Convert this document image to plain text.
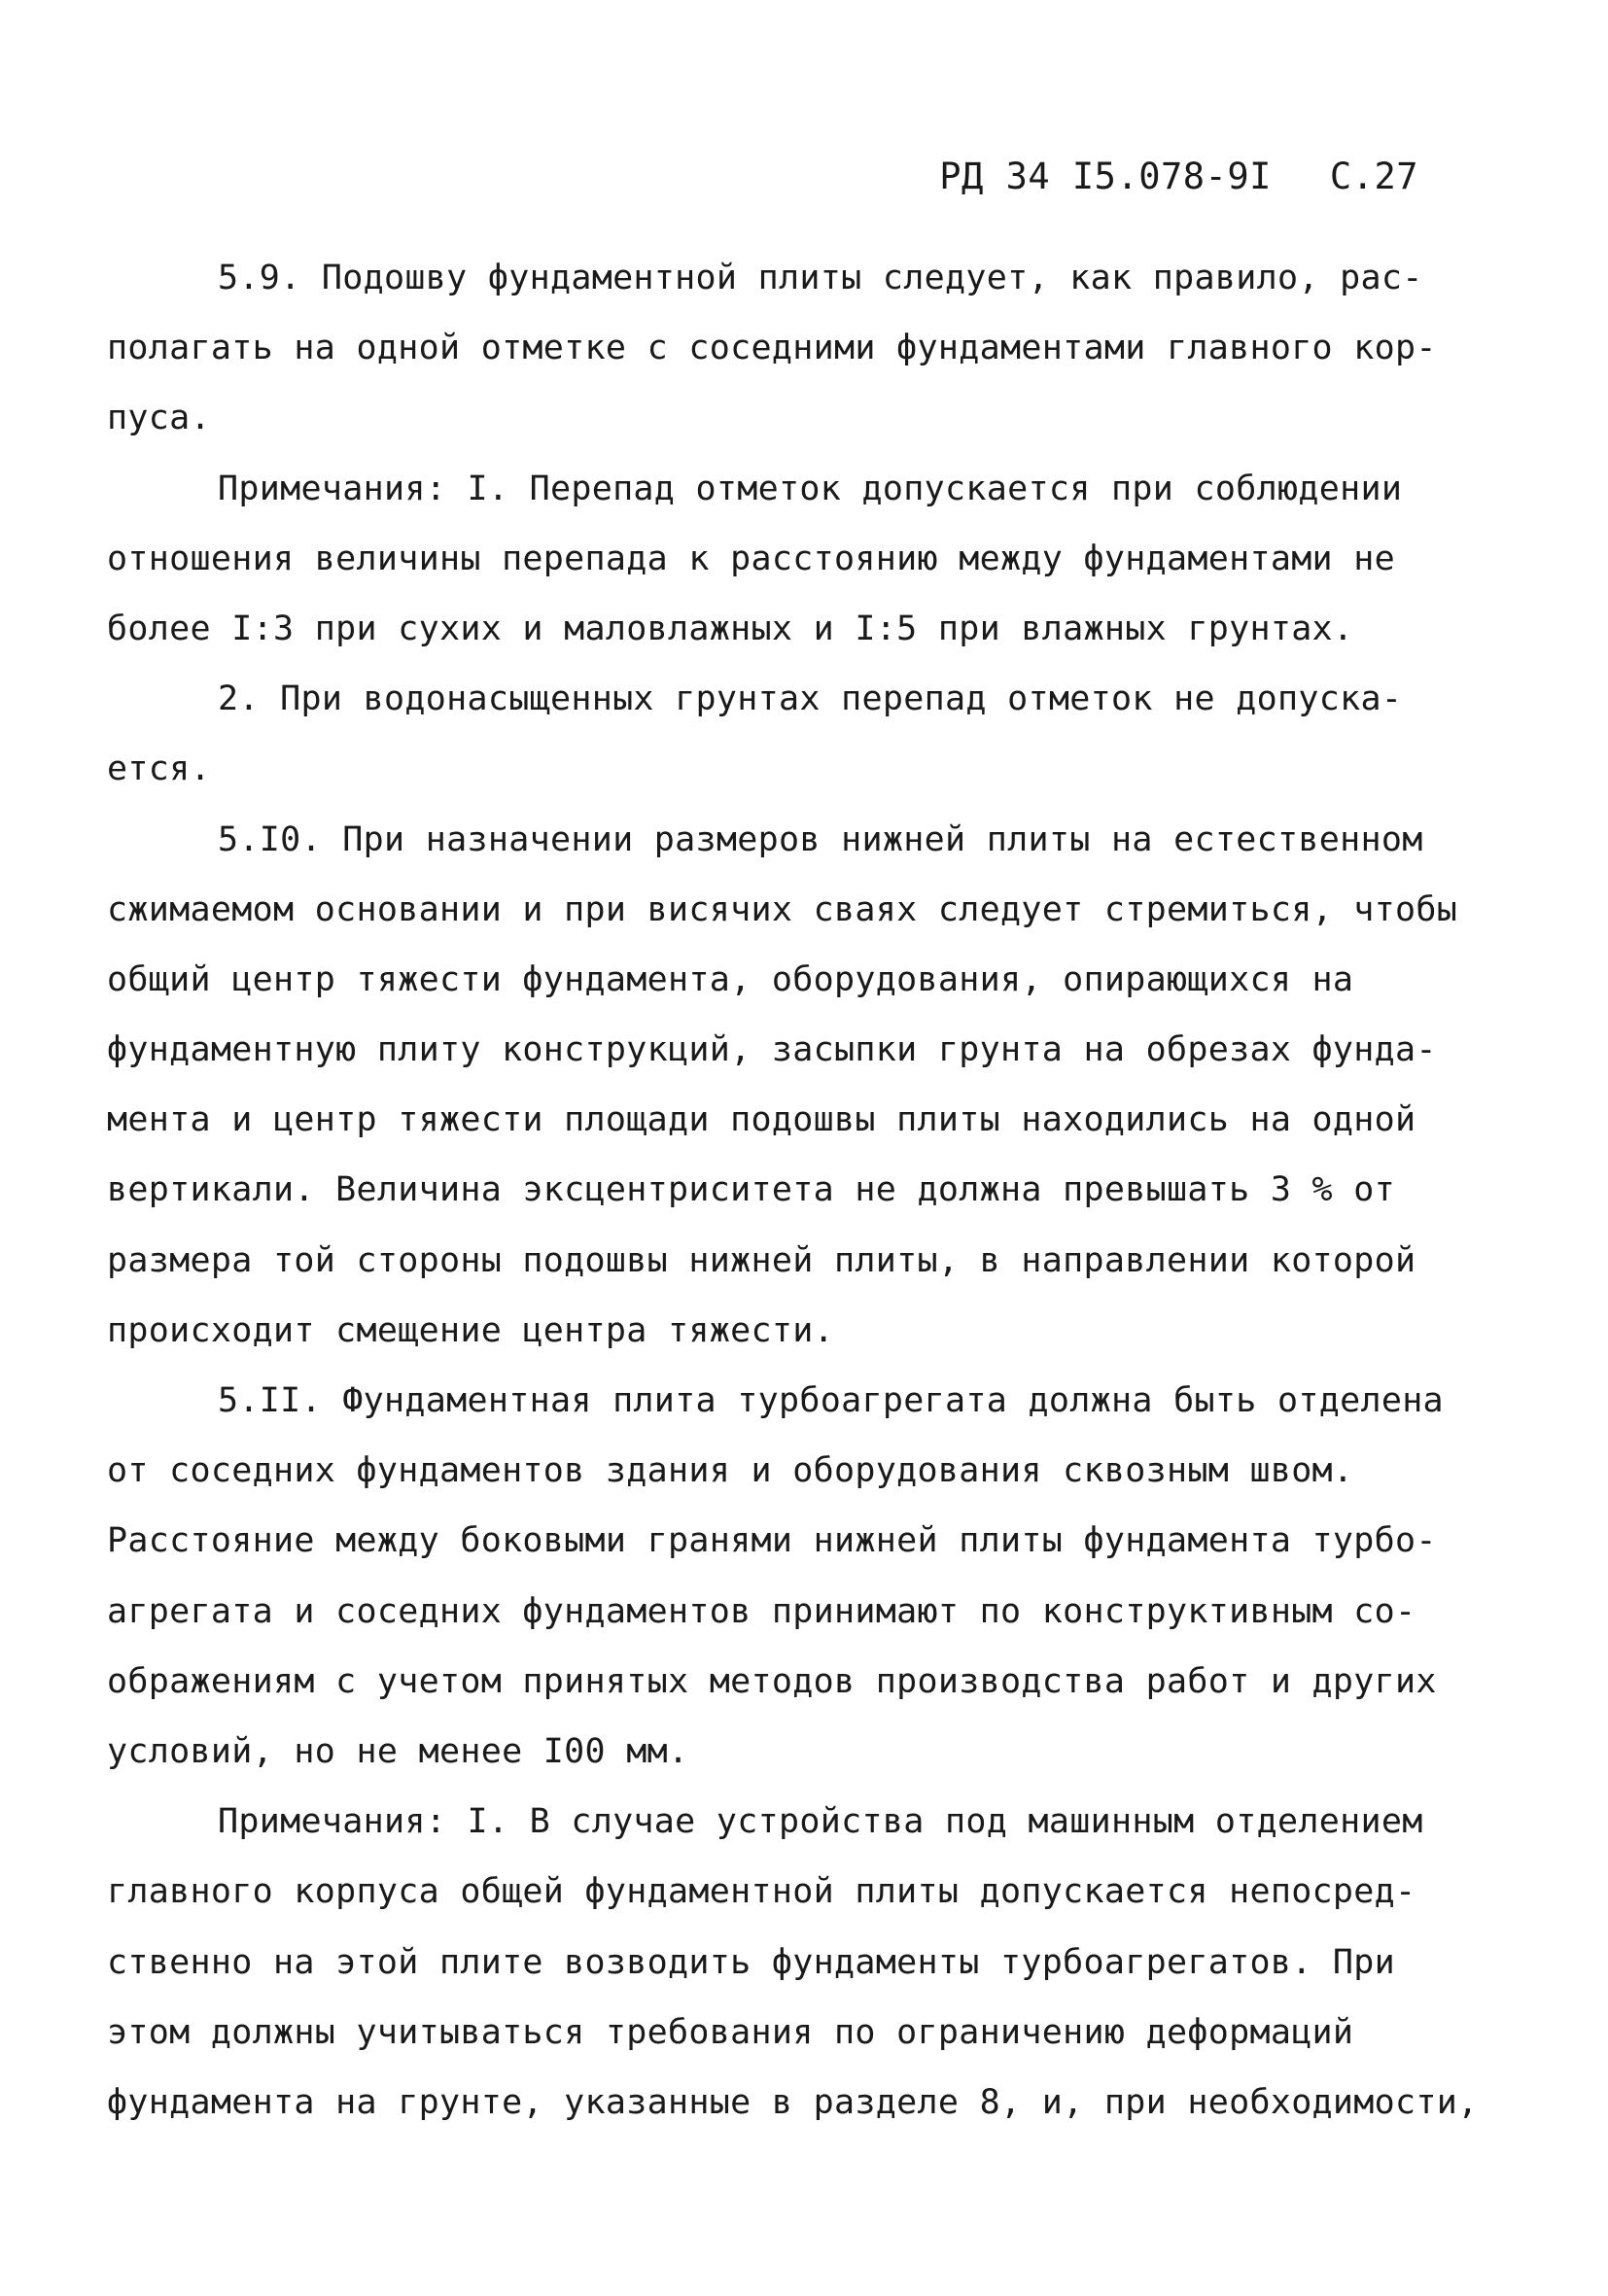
РД 34 I5.078-9I С.27
5.9. Подошву фундаментной плиты следует, как правило, рас-
полагать на одной отметке с соседними фундаментами главного кор-
пуса.
Примечания: I. Перепад отметок допускается при соблюдении
отношения величины перепада к расстоянию между фундаментами не
более I:3 при сухих и маловлажных и I:5 при влажных грунтах.
2. При водонасыщенных грунтах перепад отметок не допуска-
ется.
5.I0. При назначении размеров нижней плиты на естественном
сжимаемом основании и при висячих сваях следует стремиться, чтобы
общий центр тяжести фундамента, оборудования, опирающихся на
фундаментную плиту конструкций, засыпки грунта на обрезах фунда-
мента и центр тяжести площади подошвы плиты находились на одной
вертикали. Величина эксцентриситета не должна превышать 3 % от
размера той стороны подошвы нижней плиты, в направлении которой
происходит смещение центра тяжести.
5.II. Фундаментная плита турбоагрегата должна быть отделена
от соседних фундаментов здания и оборудования сквозным швом.
Расстояние между боковыми гранями нижней плиты фундамента турбо-
агрегата и соседних фундаментов принимают по конструктивным со-
ображениям с учетом принятых методов производства работ и других
условий, но не менее I00 мм.
Примечания: I. В случае устройства под машинным отделением
главного корпуса общей фундаментной плиты допускается непосред-
ственно на этой плите возводить фундаменты турбоагрегатов. При
этом должны учитываться требования по ограничению деформаций
фундамента на грунте, указанные в разделе 8, и, при необходимости,
